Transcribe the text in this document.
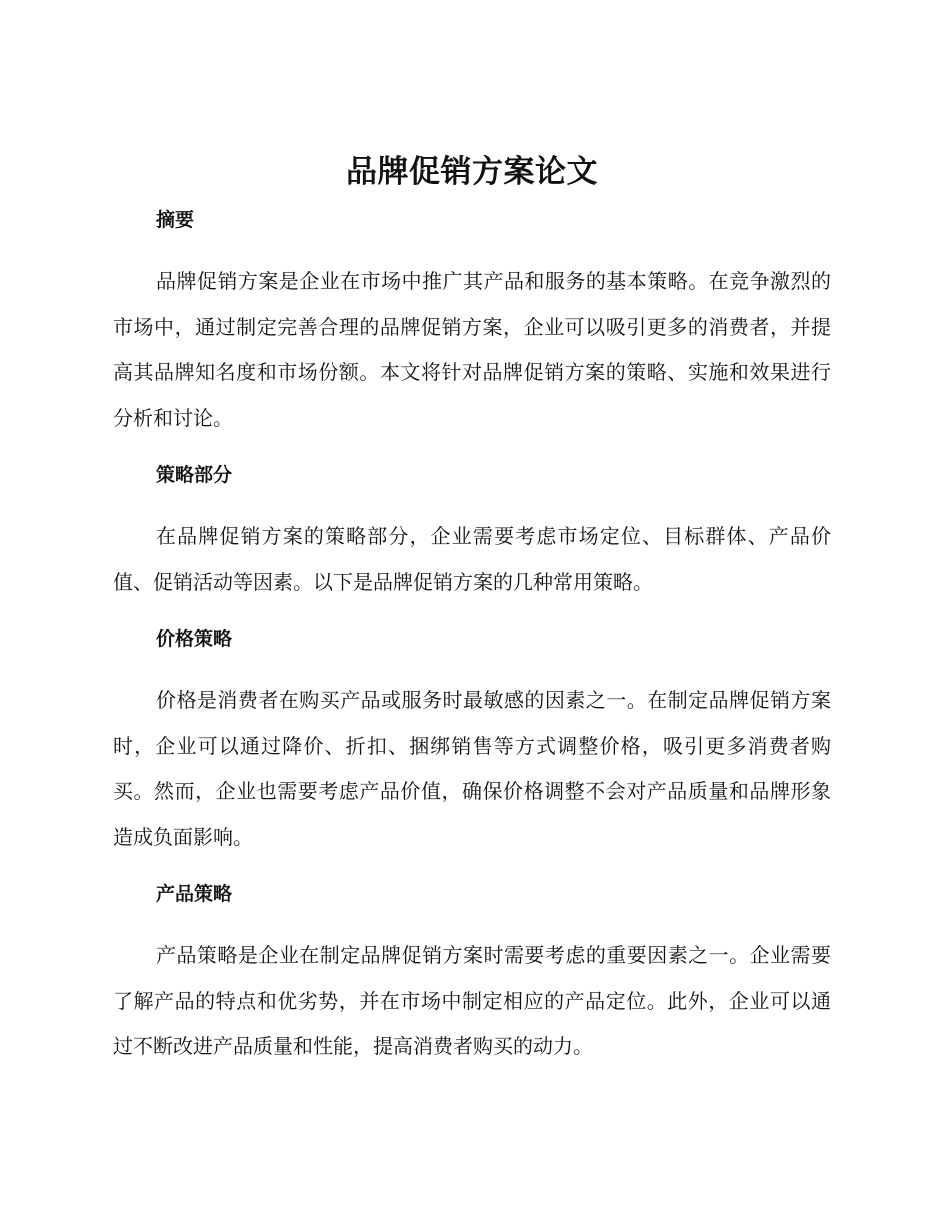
品牌促销方案论文
摘要

品牌促销方案是企业在市场中推广其产品和服务的基本策略。在竞争激烈的市场中，通过制定完善合理的品牌促销方案，企业可以吸引更多的消费者，并提高其品牌知名度和市场份额。本文将针对品牌促销方案的策略、实施和效果进行分析和讨论。

策略部分

在品牌促销方案的策略部分，企业需要考虑市场定位、目标群体、产品价值、促销活动等因素。以下是品牌促销方案的几种常用策略。

价格策略

价格是消费者在购买产品或服务时最敏感的因素之一。在制定品牌促销方案时，企业可以通过降价、折扣、捆绑销售等方式调整价格，吸引更多消费者购买。然而，企业也需要考虑产品价值，确保价格调整不会对产品质量和品牌形象造成负面影响。

产品策略

产品策略是企业在制定品牌促销方案时需要考虑的重要因素之一。企业需要了解产品的特点和优劣势，并在市场中制定相应的产品定位。此外，企业可以通过不断改进产品质量和性能，提高消费者购买的动力。
